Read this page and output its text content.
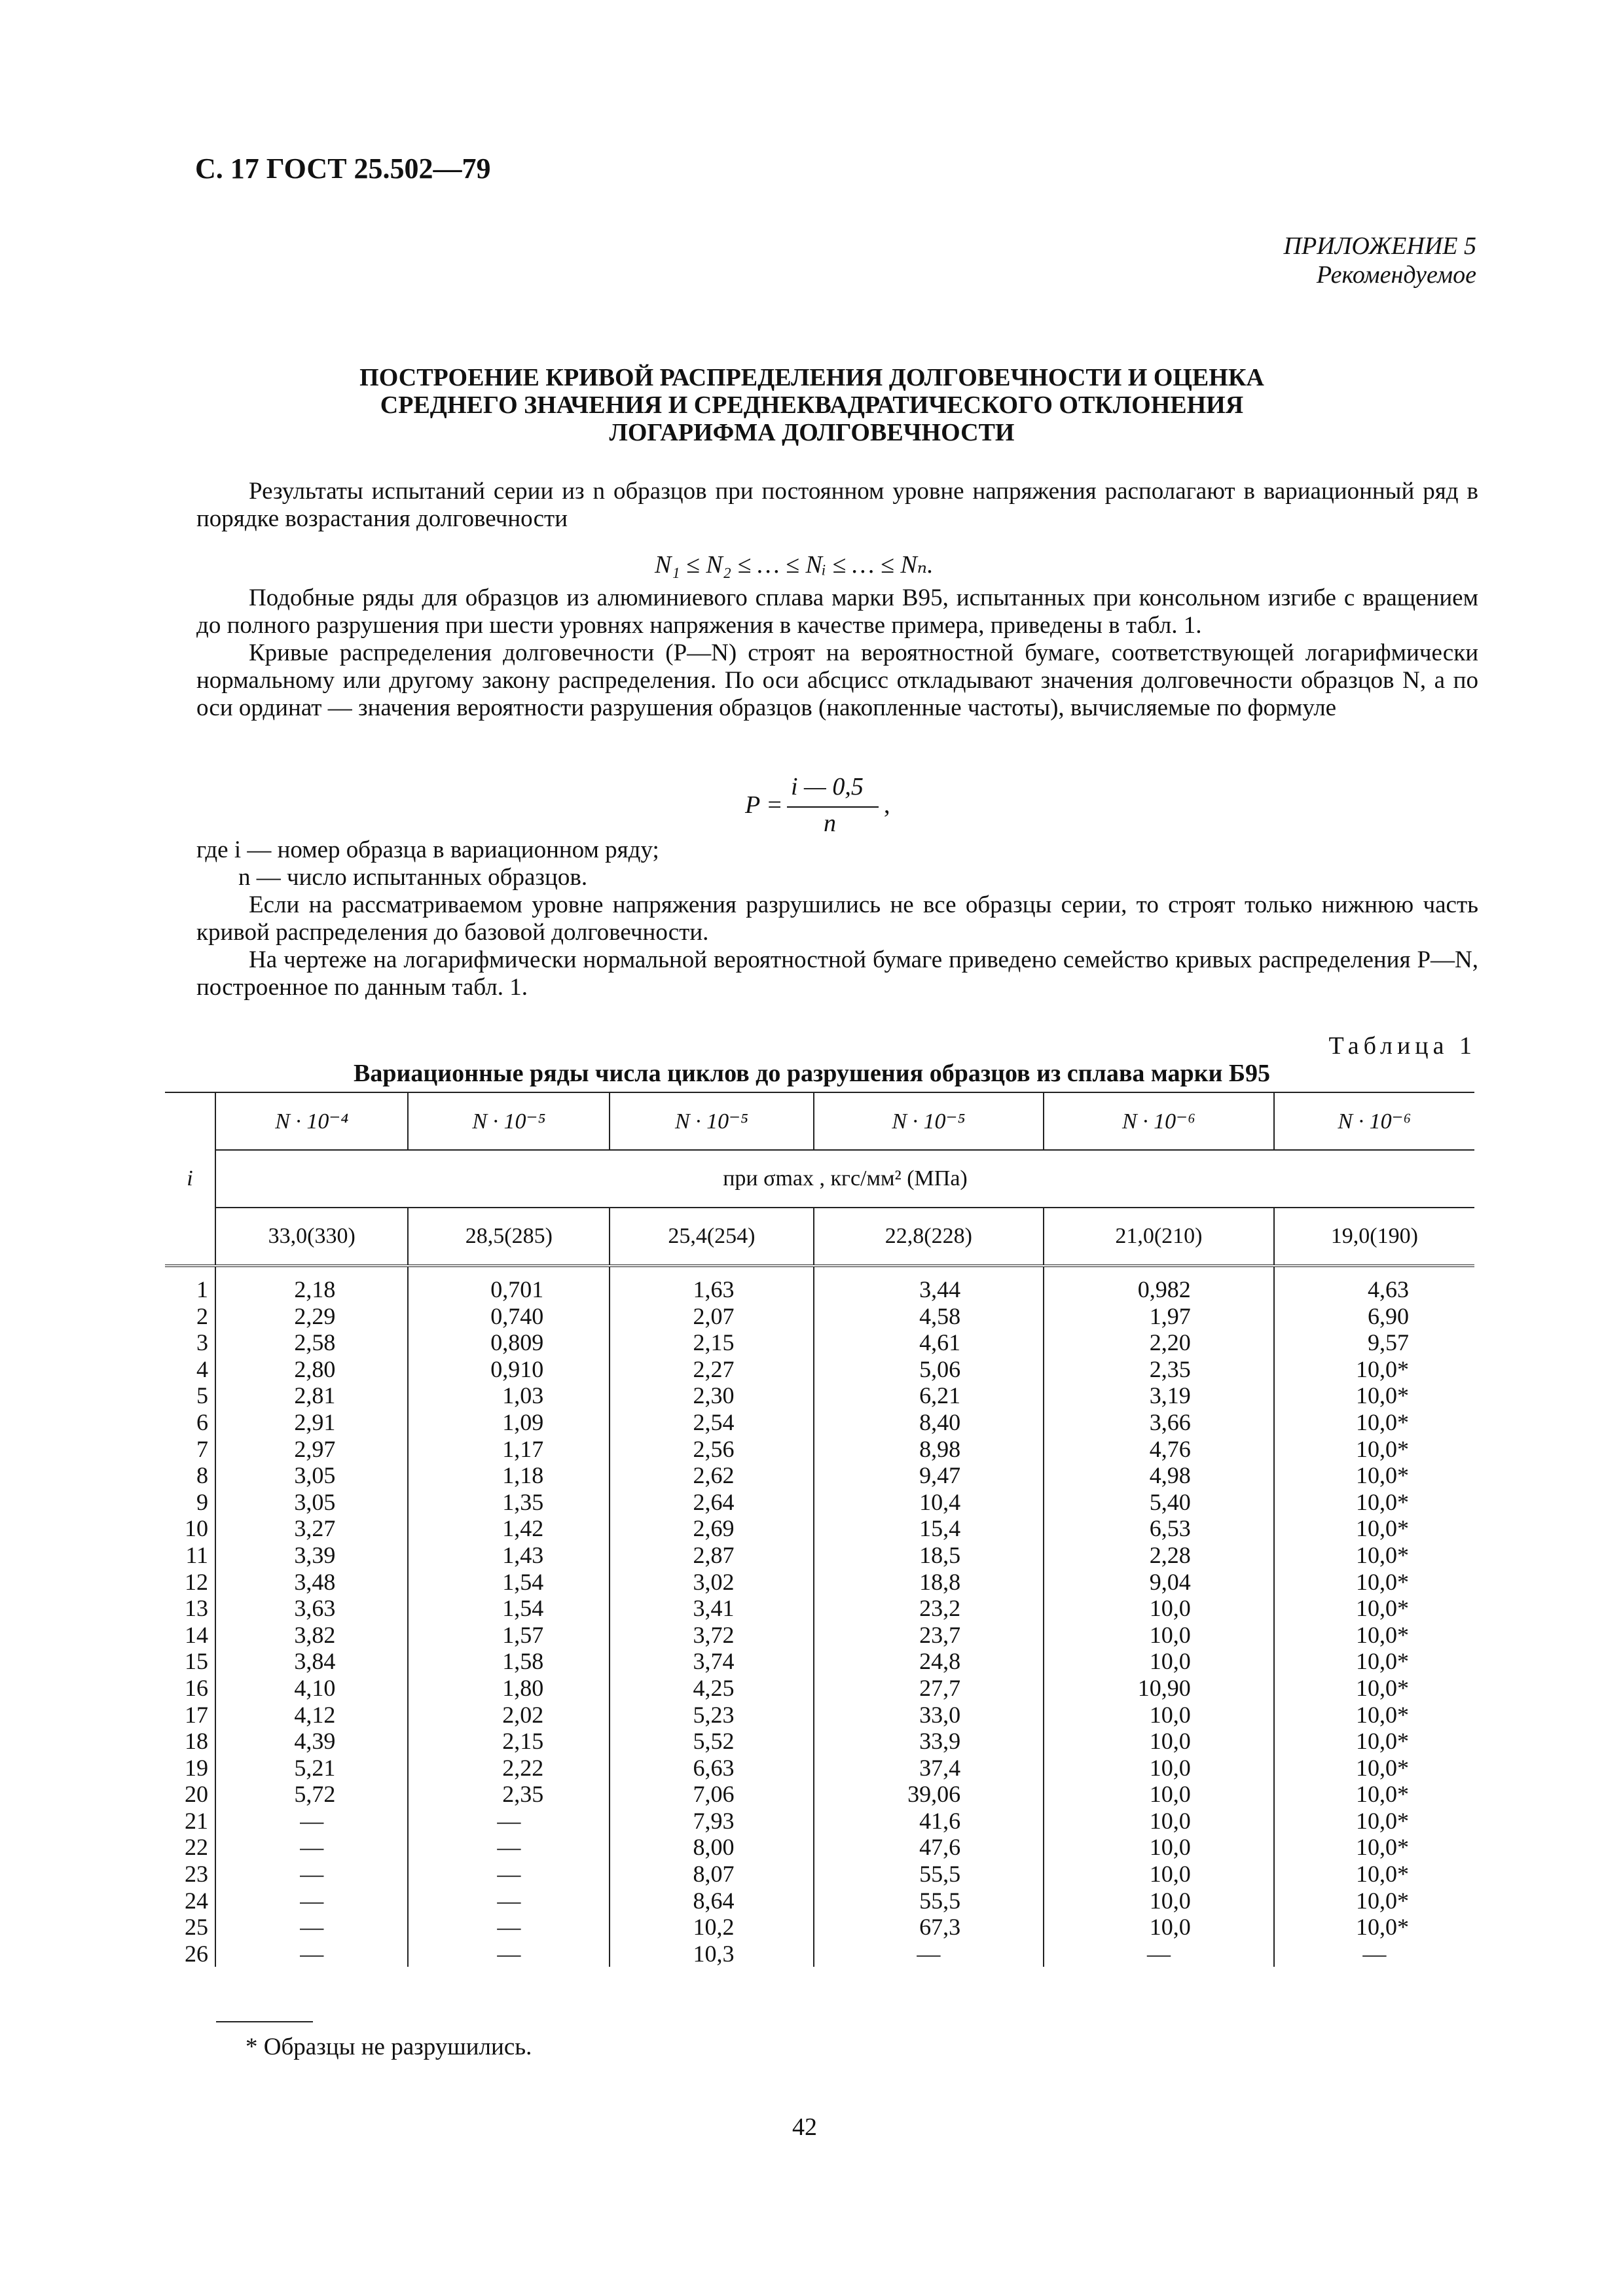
С. 17 ГОСТ 25.502—79
ПРИЛОЖЕНИЕ 5
Рекомендуемое
ПОСТРОЕНИЕ КРИВОЙ РАСПРЕДЕЛЕНИЯ ДОЛГОВЕЧНОСТИ И ОЦЕНКА
СРЕДНЕГО ЗНАЧЕНИЯ И СРЕДНЕКВАДРАТИЧЕСКОГО ОТКЛОНЕНИЯ
ЛОГАРИФМА ДОЛГОВЕЧНОСТИ

Результаты испытаний серии из n образцов при постоянном уровне напряжения располагают в вариационный ряд в порядке возрастания долговечности

N₁ ≤ N₂ ≤ … ≤ Nᵢ ≤ … ≤ Nₙ.

Подобные ряды для образцов из алюминиевого сплава марки В95, испытанных при консольном изгибе с вращением до полного разрушения при шести уровнях напряжения в качестве примера, приведены в табл. 1.

Кривые распределения долговечности (P—N) строят на вероятностной бумаге, соответствующей логарифмически нормальному или другому закону распределения. По оси абсцисс откладывают значения долговечности образцов N, а по оси ординат — значения вероятности разрушения образцов (накопленные частоты), вычисляемые по формуле

P =
i — 0,5
n
,

где i — номер образца в вариационном ряду;

n — число испытанных образцов.

Если на рассматриваемом уровне напряжения разрушились не все образцы серии, то строят только нижнюю часть кривой распределения до базовой долговечности.

На чертеже на логарифмически нормальной вероятностной бумаге приведено семейство кривых распределения P—N, построенное по данным табл. 1.

Таблица 1
Вариационные ряды числа циклов до разрушения образцов из сплава марки Б95
i	N · 10⁻⁴	N · 10⁻⁵	N · 10⁻⁵	N · 10⁻⁵	N · 10⁻⁶	N · 10⁻⁶
	при σmax , кгс/мм² (МПа)					
	33,0(330)	28,5(285)	25,4(254)	22,8(228)	21,0(210)	19,0(190)
1	2,18	0,701	1,63	3,44	0,982	4,63
2	2,29	0,740	2,07	4,58	1,97	6,90
3	2,58	0,809	2,15	4,61	2,20	9,57
4	2,80	0,910	2,27	5,06	2,35	10,0*
5	2,81	1,03	2,30	6,21	3,19	10,0*
6	2,91	1,09	2,54	8,40	3,66	10,0*
7	2,97	1,17	2,56	8,98	4,76	10,0*
8	3,05	1,18	2,62	9,47	4,98	10,0*
9	3,05	1,35	2,64	10,4	5,40	10,0*
10	3,27	1,42	2,69	15,4	6,53	10,0*
11	3,39	1,43	2,87	18,5	2,28	10,0*
12	3,48	1,54	3,02	18,8	9,04	10,0*
13	3,63	1,54	3,41	23,2	10,0	10,0*
14	3,82	1,57	3,72	23,7	10,0	10,0*
15	3,84	1,58	3,74	24,8	10,0	10,0*
16	4,10	1,80	4,25	27,7	10,90	10,0*
17	4,12	2,02	5,23	33,0	10,0	10,0*
18	4,39	2,15	5,52	33,9	10,0	10,0*
19	5,21	2,22	6,63	37,4	10,0	10,0*
20	5,72	2,35	7,06	39,06	10,0	10,0*
21	—	—	7,93	41,6	10,0	10,0*
22	—	—	8,00	47,6	10,0	10,0*
23	—	—	8,07	55,5	10,0	10,0*
24	—	—	8,64	55,5	10,0	10,0*
25	—	—	10,2	67,3	10,0	10,0*
26	—	—	10,3	—	—	—
* Образцы не разрушились.
42
